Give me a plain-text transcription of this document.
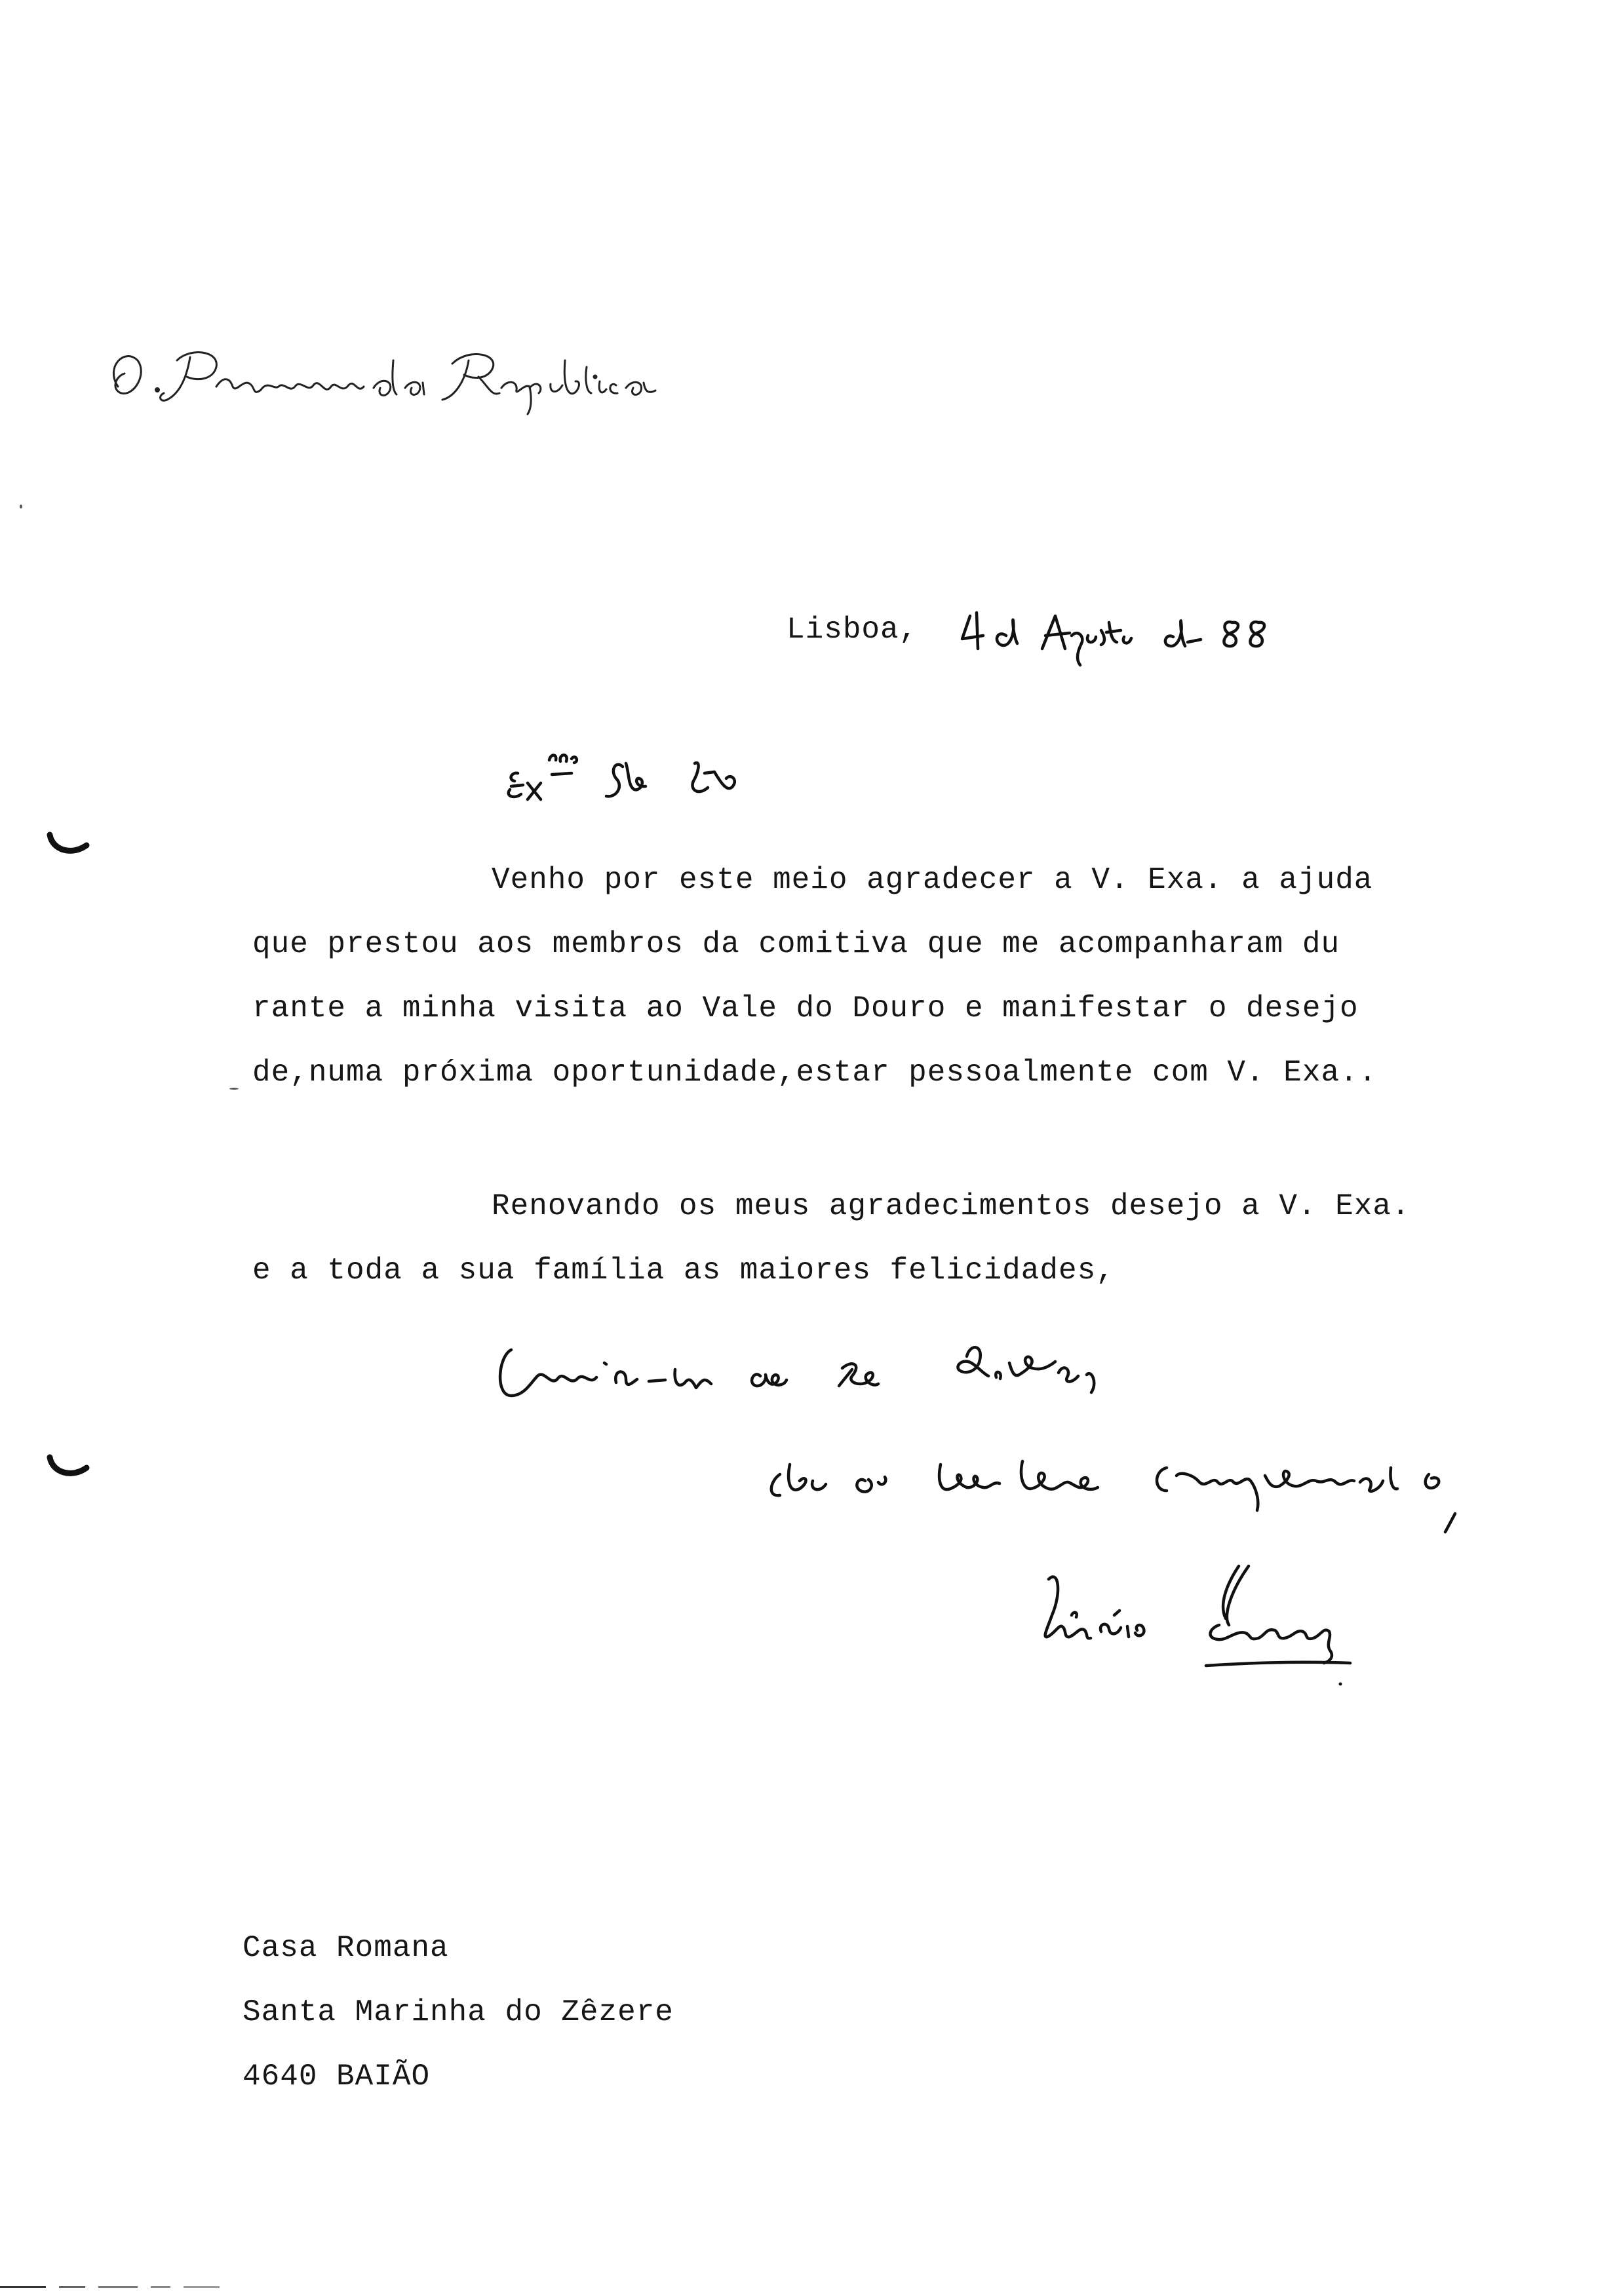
Lisboa,
Venho por este meio agradecer a V. Exa. a ajuda
que prestou aos membros da comitiva que me acompanharam du
rante a minha visita ao Vale do Douro e manifestar o desejo
de,numa próxima oportunidade,estar pessoalmente com V. Exa..
Renovando os meus agradecimentos desejo a V. Exa.
e a toda a sua família as maiores felicidades,
Casa Romana
Santa Marinha do Zêzere
4640 BAIÃO
